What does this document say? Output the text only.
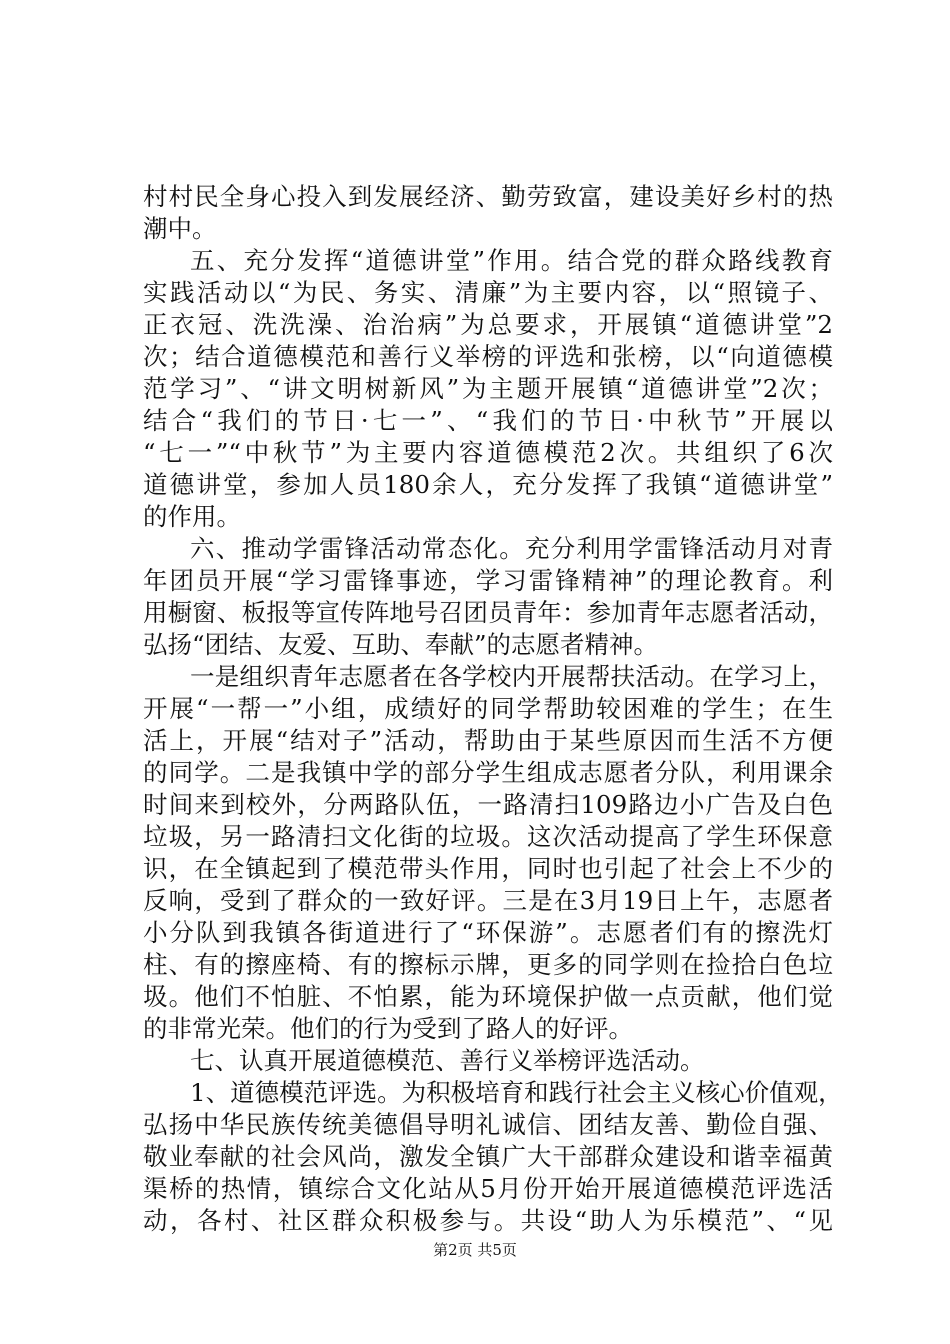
村村民全身心投入到发展经济、勤劳致富，建设美好乡村的热
潮中。
五、充分发挥“道德讲堂”作用。结合党的群众路线教育
实践活动以“为民、务实、清廉”为主要内容，以“照镜子、
正衣冠、洗洗澡、治治病”为总要求，开展镇“道德讲堂”2
次；结合道德模范和善行义举榜的评选和张榜，以“向道德模
范学习”、“讲文明树新风”为主题开展镇“道德讲堂”2次；
结合“我们的节日·七一”、“我们的节日·中秋节”开展以
“七一”“中秋节”为主要内容道德模范2次。共组织了6次
道德讲堂，参加人员180余人，充分发挥了我镇“道德讲堂”
的作用。
六、推动学雷锋活动常态化。充分利用学雷锋活动月对青
年团员开展“学习雷锋事迹，学习雷锋精神”的理论教育。利
用橱窗、板报等宣传阵地号召团员青年：参加青年志愿者活动，
弘扬“团结、友爱、互助、奉献”的志愿者精神。
一是组织青年志愿者在各学校内开展帮扶活动。在学习上，
开展“一帮一”小组，成绩好的同学帮助较困难的学生；在生
活上，开展“结对子”活动，帮助由于某些原因而生活不方便
的同学。二是我镇中学的部分学生组成志愿者分队，利用课余
时间来到校外，分两路队伍，一路清扫109路边小广告及白色
垃圾，另一路清扫文化街的垃圾。这次活动提高了学生环保意
识，在全镇起到了模范带头作用，同时也引起了社会上不少的
反响，受到了群众的一致好评。三是在3月19日上午，志愿者
小分队到我镇各街道进行了“环保游”。志愿者们有的擦洗灯
柱、有的擦座椅、有的擦标示牌，更多的同学则在捡拾白色垃
圾。他们不怕脏、不怕累，能为环境保护做一点贡献，他们觉
的非常光荣。他们的行为受到了路人的好评。
七、认真开展道德模范、善行义举榜评选活动。
1、道德模范评选。为积极培育和践行社会主义核心价值观，
弘扬中华民族传统美德倡导明礼诚信、团结友善、勤俭自强、
敬业奉献的社会风尚，激发全镇广大干部群众建设和谐幸福黄
渠桥的热情，镇综合文化站从5月份开始开展道德模范评选活
动，各村、社区群众积极参与。共设“助人为乐模范”、“见
第2页 共5页
